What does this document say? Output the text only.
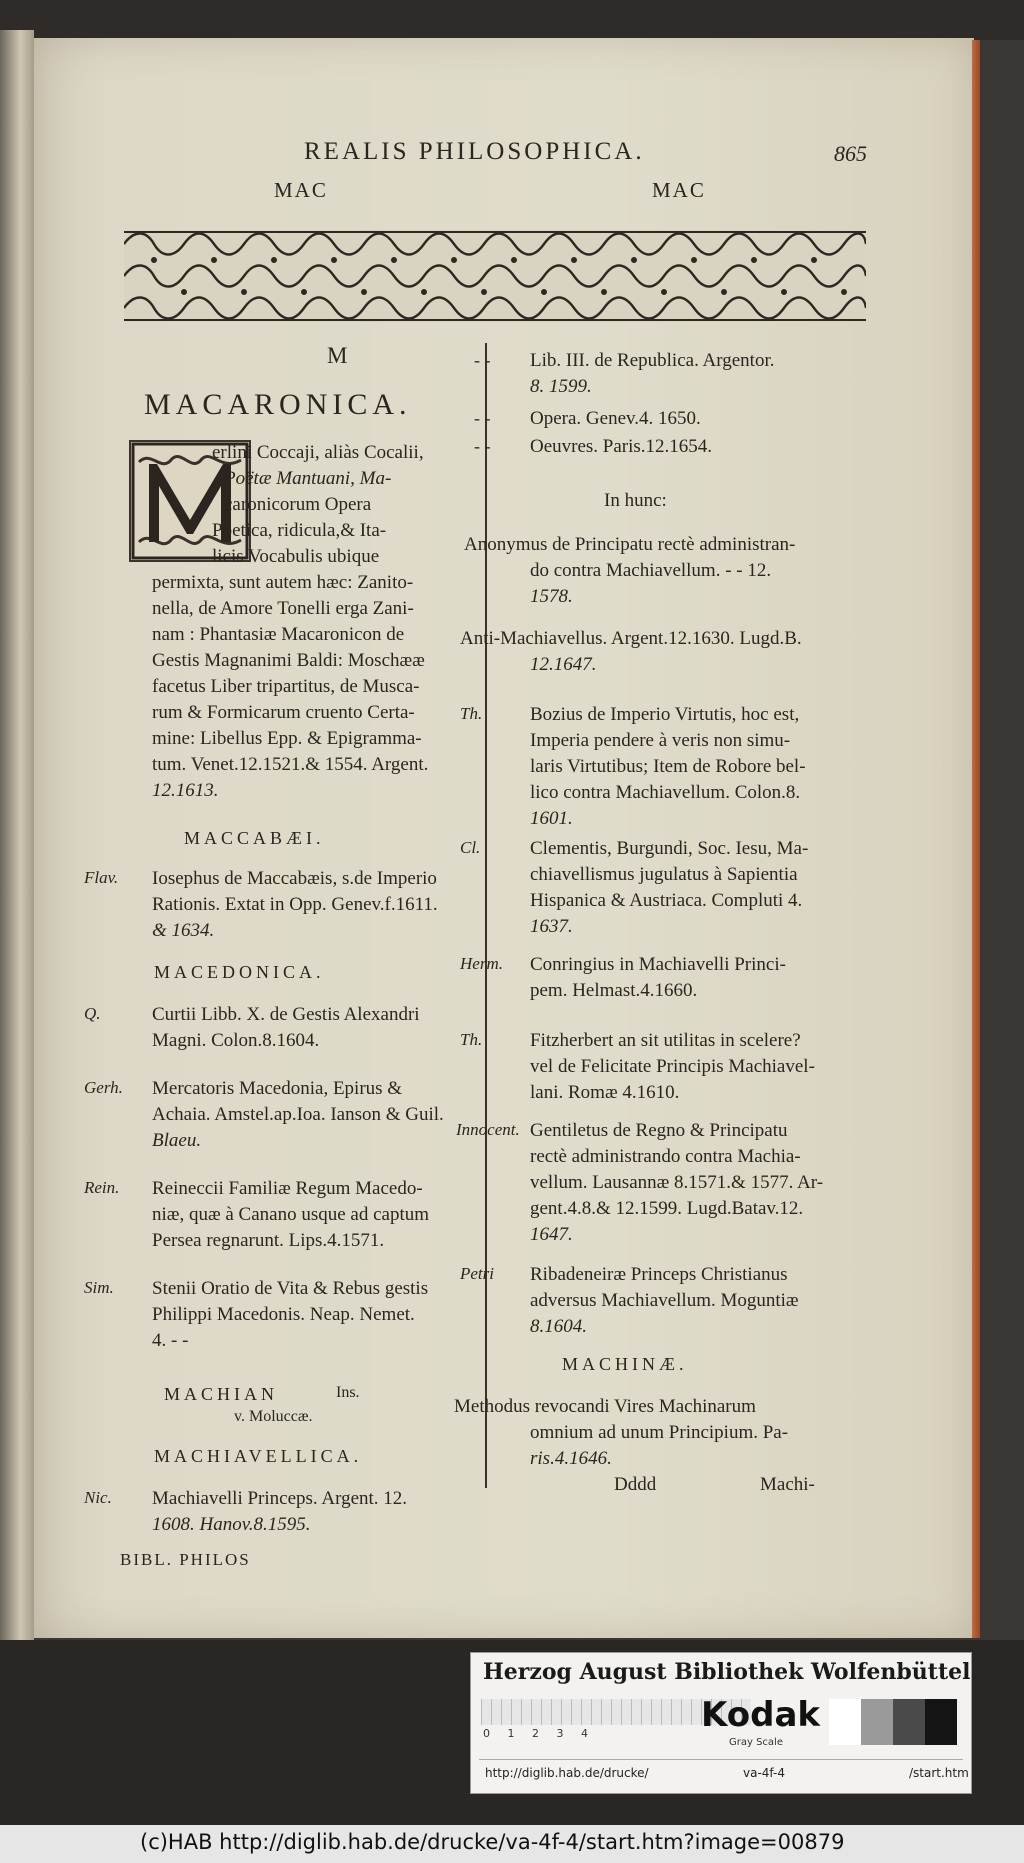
REALIS PHILOSOPHICA.	865
MAC	MAC
M
MACARONICA.
erlini Coccaji, aliàs Cocalii,
Poëtæ Mantuani, Ma-
caronicorum Opera
Poetica, ridicula,& Ita-
licis Vocabulis ubique
permixta, sunt autem hæc: Zanito-
nella, de Amore Tonelli erga Zani-
nam : Phantasiæ Macaronicon de
Gestis Magnanimi Baldi: Moschææ
facetus Liber tripartitus, de Musca-
rum & Formicarum cruento Certa-
mine: Libellus Epp. & Epigramma-
tum. Venet.12.1521.& 1554. Argent.
12.1613.
MACCABÆI.
Flav. Iosephus de Maccabæis, s.de Imperio
Rationis. Extat in Opp. Genev.f.1611.
& 1634.
MACEDONICA.
Q.	Curtii Libb. X. de Gestis Alexandri
Magni. Colon.8.1604.
Gerh. Mercatoris Macedonia, Epirus &
Achaia. Amstel.ap.Ioa. Ianson & Guil.
Blaeu.
Rein. Reineccii Familiæ Regum Macedo-
niæ, quæ à Canano usque ad captum
Persea regnarunt. Lips.4.1571.
Sim. Stenii Oratio de Vita & Rebus gestis
Philippi Macedonis. Neap. Nemet.
4. - -
MACHIAN	Ins.
v. Moluccæ.
MACHIAVELLICA.
Nic. Machiavelli Princeps. Argent. 12.
1608. Hanov.8.1595.
BIBL. PHILOS
- - Lib. III. de Republica. Argentor.
8. 1599.
- - Opera. Genev.4. 1650.
- - Oeuvres. Paris.12.1654.
In hunc:
Anonymus de Principatu rectè administran-
do contra Machiavellum. - - 12.
1578.
Anti-Machiavellus. Argent.12.1630. Lugd.B.
12.1647.
Th.	Bozius de Imperio Virtutis, hoc est,
Imperia pendere à veris non simu-
laris Virtutibus; Item de Robore bel-
lico contra Machiavellum. Colon.8.
1601.
Cl.	Clementis, Burgundi, Soc. Iesu, Ma-
chiavellismus jugulatus à Sapientia
Hispanica & Austriaca. Compluti 4.
1637.
Herm. Conringius in Machiavelli Princi-
pem. Helmast.4.1660.
Th.	Fitzherbert an sit utilitas in scelere?
vel de Felicitate Principis Machiavel-
lani. Romæ 4.1610.
Innocent. Gentiletus de Regno & Principatu
rectè administrando contra Machia-
vellum. Lausannæ 8.1571.& 1577. Ar-
gent.4.8.& 12.1599. Lugd.Batav.12.
1647.
Petri Ribadeneiræ Princeps Christianus
adversus Machiavellum. Moguntiæ
8.1604.
MACHINÆ.
Methodus revocandi Vires Machinarum
omnium ad unum Principium. Pa-
ris.4.1646.
Dddd	Machi-
Herzog August Bibliothek Wolfenbüttel
0 1 2 3 4	Kodak
Gray Scale
http://diglib.hab.de/drucke/	va-4f-4	/start.htm
(c)HAB http://diglib.hab.de/drucke/va-4f-4/start.htm?image=00879
